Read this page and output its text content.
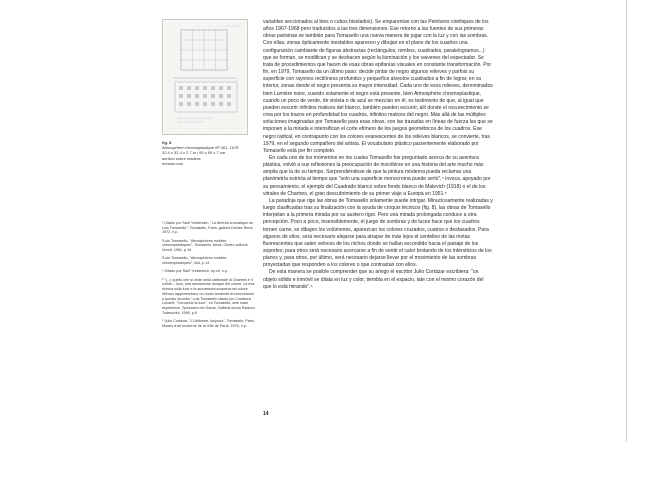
fig. 8
Atmosphère chromoplastique Nº 401, 1978
32.4 x 32.4 x 2.7 in / 95 x 95 x 7 cm.
acrílico sobre madera
enrosa.com
¹ Citado por Sarit Yurkiewich, "La Afrenta cromatique de Luis Tomasello", Tomasello, París, galería Denise René, 1972, n.p.
²Luis Tomasello, "Atmosphères mobiles chromoplastiques", Tomasello, Arras, Centro cultural Noroit, 1981, p.16
³Luis Tomasello, "Atmosphères mobiles chromoplastiques", ibid, p.14
⁴ Citado por Sarit Yurkiewich, op.cit, n.p.
⁵ "(...) quello che si vede nella cattedrale di Chartres è il colore – luce, una sensazione dunque del colore. La mia ricerca sulla luce e la successiva scoperta del colore riflesso rappresentano un modo tendente ad avvicinarmi a questo incontro" Luis Tomasello citado por Costanza Lunardi, "Cercando la luce", en Tomasello, arte mare esperienze, Spezzano del Garda, Galleria civica Palazzo Todeschini, 1995, p.8
⁶ Julio Cortázar, "L'Ubiforme, toujours", Tomasello, París, Museo d'art moderne de la Ville de París, 1976, n.p.

variables seccionados al bies o cubos biselados). Se emparentan con las Peintures cinétiques de los años 1967-1968 pero traducidos a las tres dimensiones. Ese retorno a las fuentes de sus primeras obras parisinas se también para Tomasello una nueva manera de jugar con la luz y con las sombras. Con ellas, zonas ópticamente inestables aparecen y dibujan en el plano de los cuadros una configuración cambiante de figuras abstractas (rectángulos, rombos, cuadrados, paralelogramos...) que se forman, se modifican y se deshacen según la iluminación y los vaivenes del espectador. Se trata de procedimientos que hacen de esas obras epifanías visuales en constante transformación. Por fin, en 1979, Tomasello da un último paso: decide pintar de negro algunos relieves y parfois su superficie con rayones rectilíneos profundos y pequeños alveolos cuadrados a fin de lograr, en su interior, zonas donde el negro presenta su mayor intensidad. Cada uno de esos relieves, denominados bien Lumière noire, cuando solamente el negro está presente, bien Atmosphère chromoplastique, cuando un poco de verde, de violeta o de azul se mezclan en él, es testimonio de que, al igual que pueden escurrir infinitos matices del blanco, también pueden escurrir, allí donde el oscurecimiento se crea por los trazos en profundidad los cuadros, infinitos matices del negro. Más allá de las múltiples soluciones imaginadas por Tomasello para esas obras, son las trazadas en líneas de fuerza las que se imponen a la mirada e intensifican el corte efímero de los juegos geométricos de los cuadros. Ese negro radical, en contrapunto con los colores evanescentes de los relieves blancos, se convierte, tras 1979, en el segundo compañero del artista. El vocabulario plástico pacientemente elaborado por Tomasello está por fin completo.

En cada uno de los momentos en los cuales Tomasello fue preguntado acerca de su aventura plástica, volvió a sus reflexiones la preocupación de inscribirse en una historia del arte mucho más amplia que la de su tiempo. Sorprendiéndose de que la pintura moderna pueda reclamar una planimetría estricta al tiempo que "solo una superficie monocroma puede serlo",⁴ invoca, apoyado por su pensamiento, el ejemplo del Cuadrado blanco sobre fondo blanco de Malevich (1918) o el de los vitrales de Chartres, el gran descubrimiento de su primer viaje a Europa en 1951.⁵

La paradoja que rige las obras de Tomasello solamente puede intrigar. Minuciosamente realizadas y luego clasificadas tras su finalización con la ayuda de croquis técnicos (fig. 8), las obras de Tomasello interpelan a la primera mirada por su austero rigor. Pero una mirada prolongada conduce a otra percepción. Poco a poco, insensiblemente, el juego de sombras y de luces hace que los cuadros tornen carne, se dibujen los volúmenes, aparezcan los colores cruzados, cuatros o desfasados. Para algunos de ellos, será necesario alejarse para atrapar de más lejos el centelleo de las motas fluorescentes que salen veloces de los nichos donde se hallan escondido hacia el paisaje de los soportes; para otros será necesario acercarse a fin de sentir el calor brotando de los intersticios de los planos y, para otros, por último, será necesario dejarse llevar por el movimiento de las sombras proyectadas que responden a los colores o que contrastan con ellos.

De esta manera se posible comprender que su amigo el escritor Julio Cortázar escribiera: "un objeto sólido e inmóvil se dilata en luz y color, tiembla en el espacio, late con el mismo corazón del que lo está mirando".⁶

14
